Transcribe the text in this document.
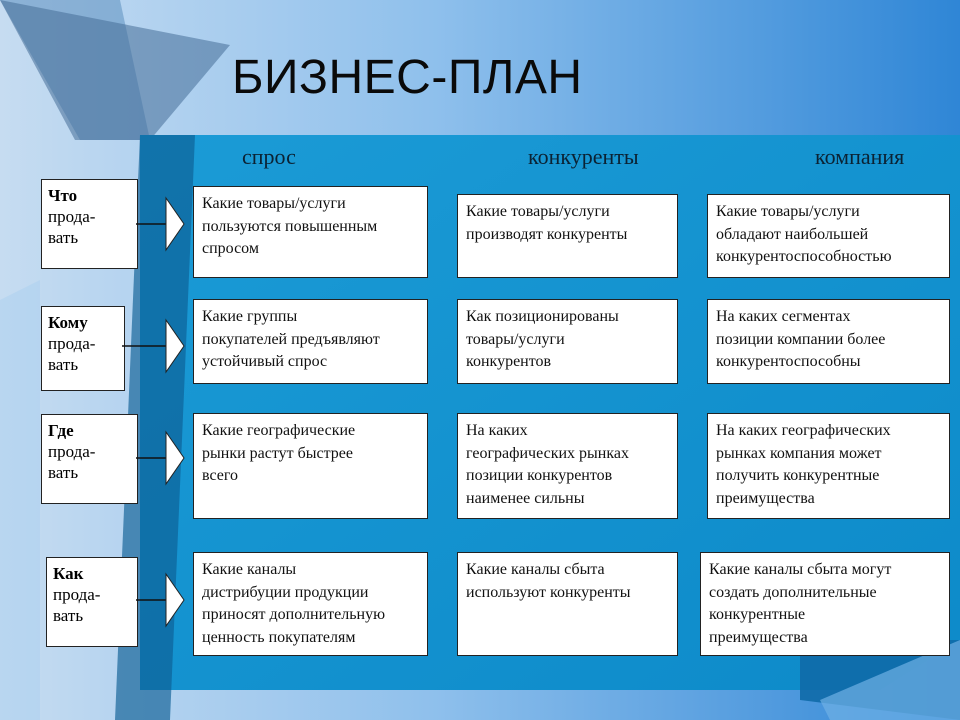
БИЗНЕС-ПЛАН
спрос	конкуренты	компания
Что
прода-
вать
Какие товары/услуги
пользуются повышенным
спросом
Какие товары/услуги
производят конкуренты
Какие товары/услуги
обладают наибольшей
конкурентоспособностью
Кому
прода-
вать
Какие группы
покупателей предъявляют
устойчивый спрос
Как позиционированы
товары/услуги
конкурентов
На каких сегментах
позиции компании более
конкурентоспособны
Где
прода-
вать
Какие географические
рынки растут быстрее
всего
На каких
географических рынках
позиции конкурентов
наименее сильны
На каких географических
рынках компания может
получить конкурентные
преимущества
Как
прода-
вать
Какие каналы
дистрибуции продукции
приносят дополнительную
ценность покупателям
Какие каналы сбыта
используют конкуренты
Какие каналы сбыта могут
создать дополнительные
конкурентные
преимущества
